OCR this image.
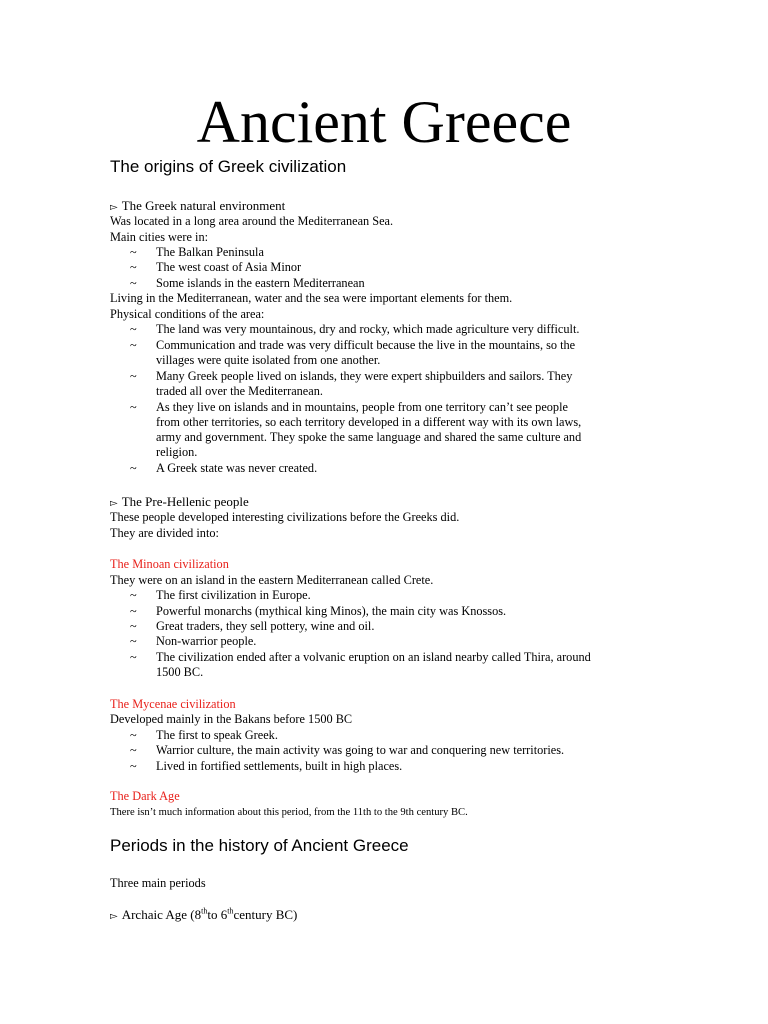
Ancient Greece
The origins of Greek civilization
▻ The Greek natural environment
Was located in a long area around the Mediterranean Sea.
Main cities were in:
~ The Balkan Peninsula
~ The west coast of Asia Minor
~ Some islands in the eastern Mediterranean
Living in the Mediterranean, water and the sea were important elements for them.
Physical conditions of the area:
~ The land was very mountainous, dry and rocky, which made agriculture very difficult.
~ Communication and trade was very difficult because the live in the mountains, so the
villages were quite isolated from one another.
~ Many Greek people lived on islands, they were expert shipbuilders and sailors. They
traded all over the Mediterranean.
~ As they live on islands and in mountains, people from one territory can’t see people
from other territories, so each territory developed in a different way with its own laws,
army and government. They spoke the same language and shared the same culture and
religion.
~ A Greek state was never created.
▻ The Pre-Hellenic people
These people developed interesting civilizations before the Greeks did.
They are divided into:
The Minoan civilization
They were on an island in the eastern Mediterranean called Crete.
~ The first civilization in Europe.
~ Powerful monarchs (mythical king Minos), the main city was Knossos.
~ Great traders, they sell pottery, wine and oil.
~ Non-warrior people.
~ The civilization ended after a volvanic eruption on an island nearby called Thira, around
1500 BC.
The Mycenae civilization
Developed mainly in the Bakans before 1500 BC
~ The first to speak Greek.
~ Warrior culture, the main activity was going to war and conquering new territories.
~ Lived in fortified settlements, built in high places.
The Dark Age
There isn’t much information about this period, from the 11th to the 9th century BC.
Periods in the history of Ancient Greece
Three main periods
▻ Archaic Age (8thto 6thcentury BC)
